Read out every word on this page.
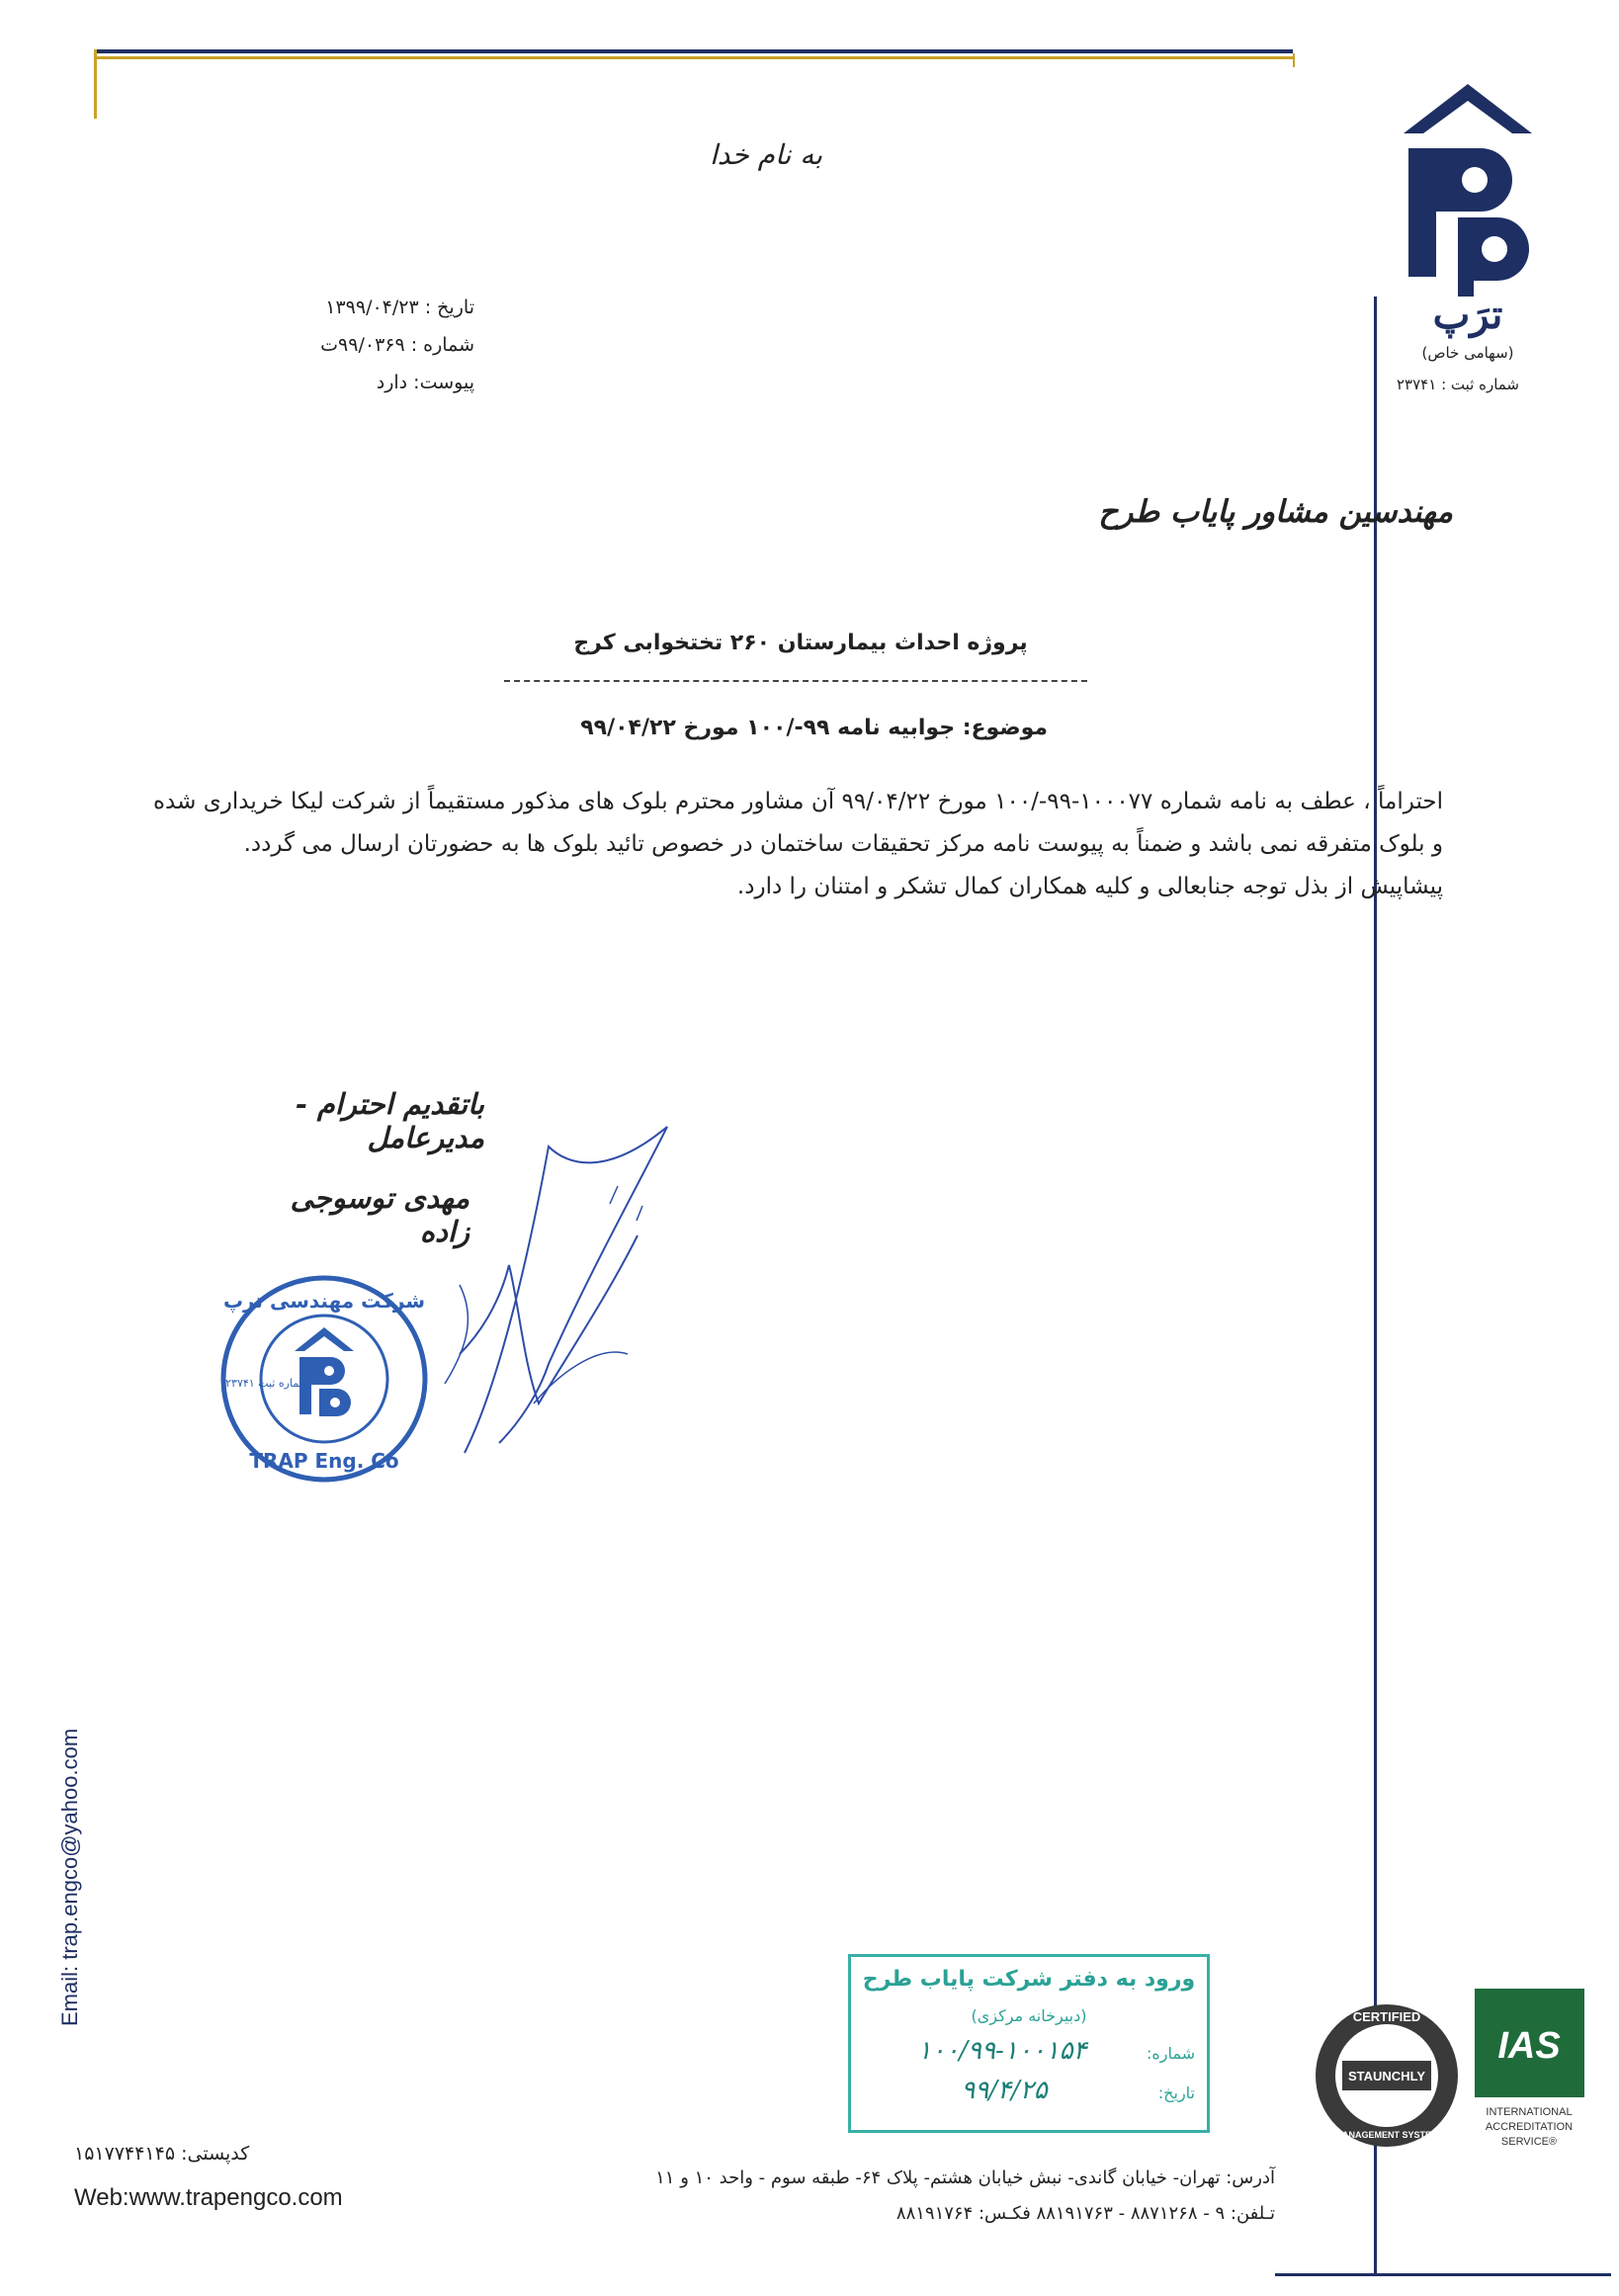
به نام خدا
تاریخ : ۱۳۹۹/۰۴/۲۳
شماره : ۹۹/۰۳۶۹ت
پیوست: دارد
ترَپ
(سهامی خاص)
شماره ثبت : ۲۳۷۴۱
مهندسین مشاور پایاب طرح
پروژه احداث بیمارستان ۲۶۰ تختخوابی کرج
موضوع: جوابیه نامه ۹۹-/۱۰۰ مورخ ۹۹/۰۴/۲۲
احتراماً ، عطف به نامه شماره ۱۰۰۰۷۷-۹۹-/۱۰۰ مورخ ۹۹/۰۴/۲۲ آن مشاور محترم بلوک های مذکور مستقیماً از شرکت لیکا خریداری شده و بلوک متفرقه نمی باشد و ضمناً به پیوست نامه مرکز تحقیقات ساختمان در خصوص تائید بلوک ها به حضورتان ارسال می گردد.
پیشاپیش از بذل توجه جنابعالی و کلیه همکاران کمال تشکر و امتنان را دارد.
باتقدیم احترام - مدیرعامل
مهدی توسوجی زاده
شرکت مهندسی ترپ
TRAP Eng. Co
شماره ثبت ۲۳۷۴۱
Email: trap.engco@yahoo.com	ورود به دفتر شرکت پایاب طرح
(دبیرخانه مرکزی)
شماره:
۱۰۰/۹۹-۱۰۰۱۵۴
تاریخ:
۹۹/۴/۲۵	STAUNCHLY
CERTIFIED
MANAGEMENT SYSTEM
IAS
INTERNATIONAL
ACCREDITATION
SERVICE®
۱۵۱۷۷۴۴۱۴۵ :کدپستی
Web:www.trapengco.com
آدرس: تهران- خیابان گاندی- نبش خیابان هشتم- پلاک ۶۴- طبقه سوم - واحد ۱۰ و ۱۱
تـلفن: ۹ - ۸۸۷۱۲۶۸ - ۸۸۱۹۱۷۶۳ فکـس: ۸۸۱۹۱۷۶۴
